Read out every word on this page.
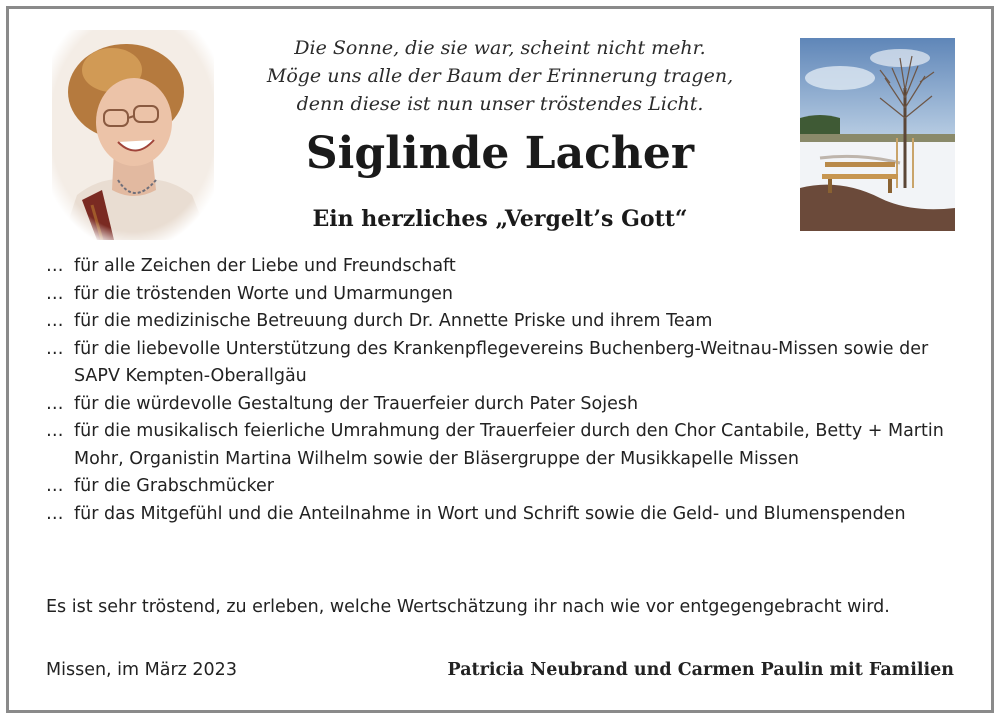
Die Sonne, die sie war, scheint nicht mehr.
Möge uns alle der Baum der Erinnerung tragen,
denn diese ist nun unser tröstendes Licht.
Siglinde Lacher
Ein herzliches „Vergelt’s Gott“
… für alle Zeichen der Liebe und Freundschaft
… für die tröstenden Worte und Umarmungen
… für die medizinische Betreuung durch Dr. Annette Priske und ihrem Team
… für die liebevolle Unterstützung des Krankenpflegevereins Buchenberg-Weitnau-Missen sowie der SAPV Kempten-Oberallgäu
… für die würdevolle Gestaltung der Trauerfeier durch Pater Sojesh
… für die musikalisch feierliche Umrahmung der Trauerfeier durch den Chor Cantabile, Betty + Martin Mohr, Organistin Martina Wilhelm sowie der Bläsergruppe der Musikkapelle Missen
… für die Grabschmücker
… für das Mitgefühl und die Anteilnahme in Wort und Schrift sowie die Geld- und Blumenspenden
Es ist sehr tröstend, zu erleben, welche Wertschätzung ihr nach wie vor entgegengebracht wird.
Missen, im März 2023	Patricia Neubrand und Carmen Paulin mit Familien
